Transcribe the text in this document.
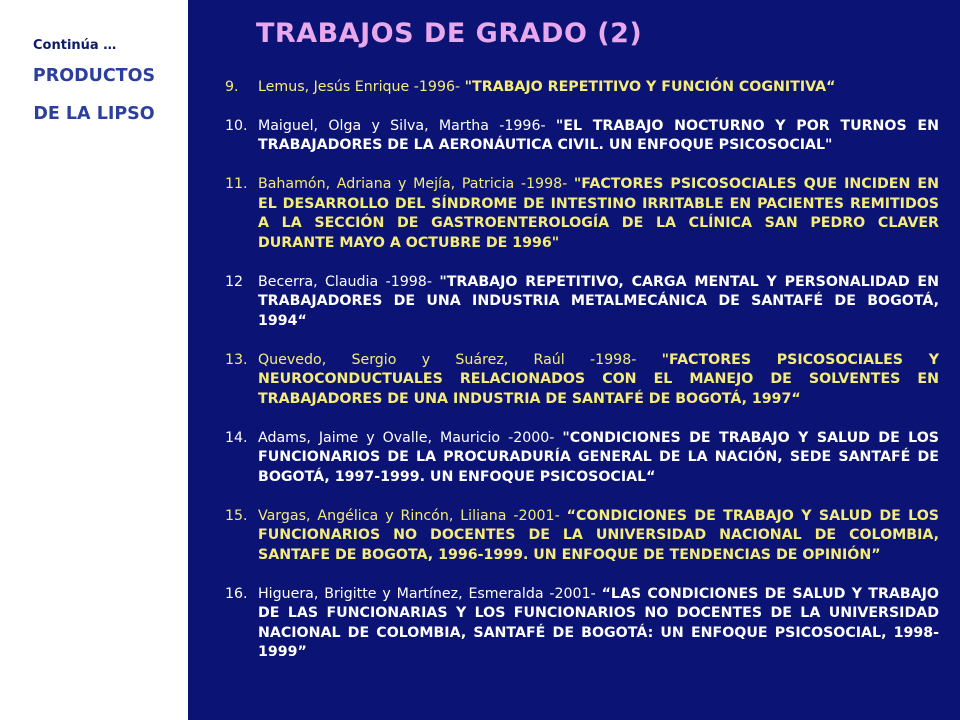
Continúa …
PRODUCTOS
DE LA LIPSO
TRABAJOS DE GRADO (2)
9. Lemus, Jesús Enrique -1996- "TRABAJO REPETITIVO Y FUNCIÓN COGNITIVA“
10. Maiguel, Olga y Silva, Martha -1996- "EL TRABAJO NOCTURNO Y POR TURNOS EN TRABAJADORES DE LA AERONÁUTICA CIVIL. UN ENFOQUE PSICOSOCIAL"
11. Bahamón, Adriana y Mejía, Patricia -1998- "FACTORES PSICOSOCIALES QUE INCIDEN EN EL DESARROLLO DEL SÍNDROME DE INTESTINO IRRITABLE EN PACIENTES REMITIDOS A LA SECCIÓN DE GASTROENTEROLOGÍA DE LA CLÍNICA SAN PEDRO CLAVER DURANTE MAYO A OCTUBRE DE 1996"
12 Becerra, Claudia -1998- "TRABAJO REPETITIVO, CARGA MENTAL Y PERSONALIDAD EN TRABAJADORES DE UNA INDUSTRIA METALMECÁNICA DE SANTAFÉ DE BOGOTÁ, 1994“
13. Quevedo, Sergio y Suárez, Raúl -1998- "FACTORES PSICOSOCIALES Y NEUROCONDUCTUALES RELACIONADOS CON EL MANEJO DE SOLVENTES EN TRABAJADORES DE UNA INDUSTRIA DE SANTAFÉ DE BOGOTÁ, 1997“
14. Adams, Jaime y Ovalle, Mauricio -2000- "CONDICIONES DE TRABAJO Y SALUD DE LOS FUNCIONARIOS DE LA PROCURADURÍA GENERAL DE LA NACIÓN, SEDE SANTAFÉ DE BOGOTÁ, 1997-1999. UN ENFOQUE PSICOSOCIAL“
15. Vargas, Angélica y Rincón, Liliana -2001- “CONDICIONES DE TRABAJO Y SALUD DE LOS FUNCIONARIOS NO DOCENTES DE LA UNIVERSIDAD NACIONAL DE COLOMBIA, SANTAFE DE BOGOTA, 1996-1999. UN ENFOQUE DE TENDENCIAS DE OPINIÓN”
16. Higuera, Brigitte y Martínez, Esmeralda -2001- “LAS CONDICIONES DE SALUD Y TRABAJO DE LAS FUNCIONARIAS Y LOS FUNCIONARIOS NO DOCENTES DE LA UNIVERSIDAD NACIONAL DE COLOMBIA, SANTAFÉ DE BOGOTÁ: UN ENFOQUE PSICOSOCIAL, 1998-1999”
